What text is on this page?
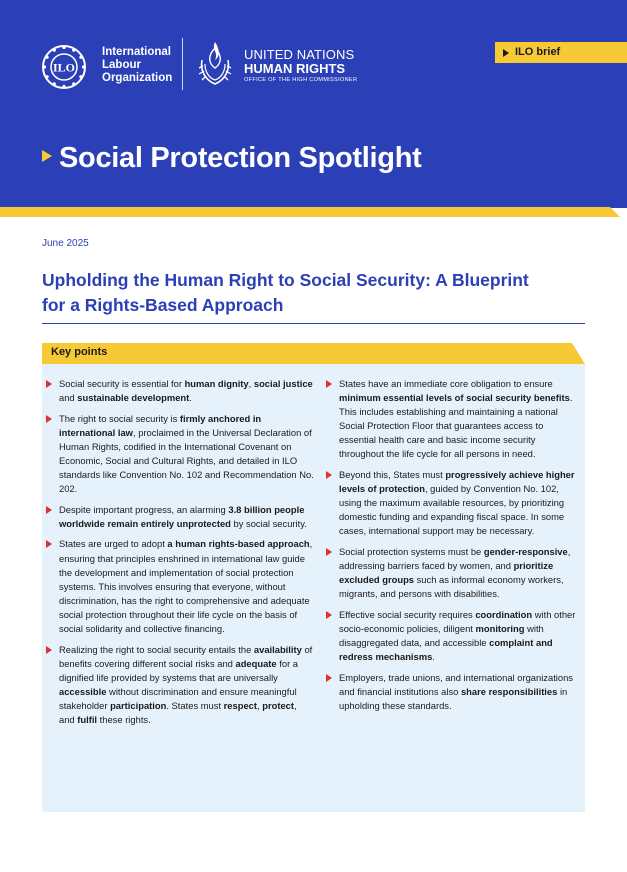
ILO
International
Labour
Organization
UNITED NATIONS
HUMAN RIGHTS
OFFICE OF THE HIGH COMMISSIONER
ILO brief
Social Protection Spotlight
June 2025
Upholding the Human Right to Social Security: A Blueprint for a Rights-Based Approach
Key points
Social security is essential for human dignity, social justice and sustainable development.
The right to social security is firmly anchored in international law, proclaimed in the Universal Declaration of Human Rights, codified in the International Covenant on Economic, Social and Cultural Rights, and detailed in ILO standards like Convention No. 102 and Recommendation No. 202.
Despite important progress, an alarming 3.8 billion people worldwide remain entirely unprotected by social security.
States are urged to adopt a human rights-based approach, ensuring that principles enshrined in international law guide the development and implementation of social protection systems. This involves ensuring that everyone, without discrimination, has the right to comprehensive and adequate social protection throughout their life cycle on the basis of social solidarity and collective financing.
Realizing the right to social security entails the availability of benefits covering different social risks and adequate for a dignified life provided by systems that are universally accessible without discrimination and ensure meaningful stakeholder participation. States must respect, protect, and fulfil these rights.
States have an immediate core obligation to ensure minimum essential levels of social security benefits. This includes establishing and maintaining a national Social Protection Floor that guarantees access to essential health care and basic income security throughout the life cycle for all persons in need.
Beyond this, States must progressively achieve higher levels of protection, guided by Convention No. 102, using the maximum available resources, by prioritizing domestic funding and expanding fiscal space. In some cases, international support may be necessary.
Social protection systems must be gender-responsive, addressing barriers faced by women, and prioritize excluded groups such as informal economy workers, migrants, and persons with disabilities.
Effective social security requires coordination with other socio-economic policies, diligent monitoring with disaggregated data, and accessible complaint and redress mechanisms.
Employers, trade unions, and international organizations and financial institutions also share responsibilities in upholding these standards.
